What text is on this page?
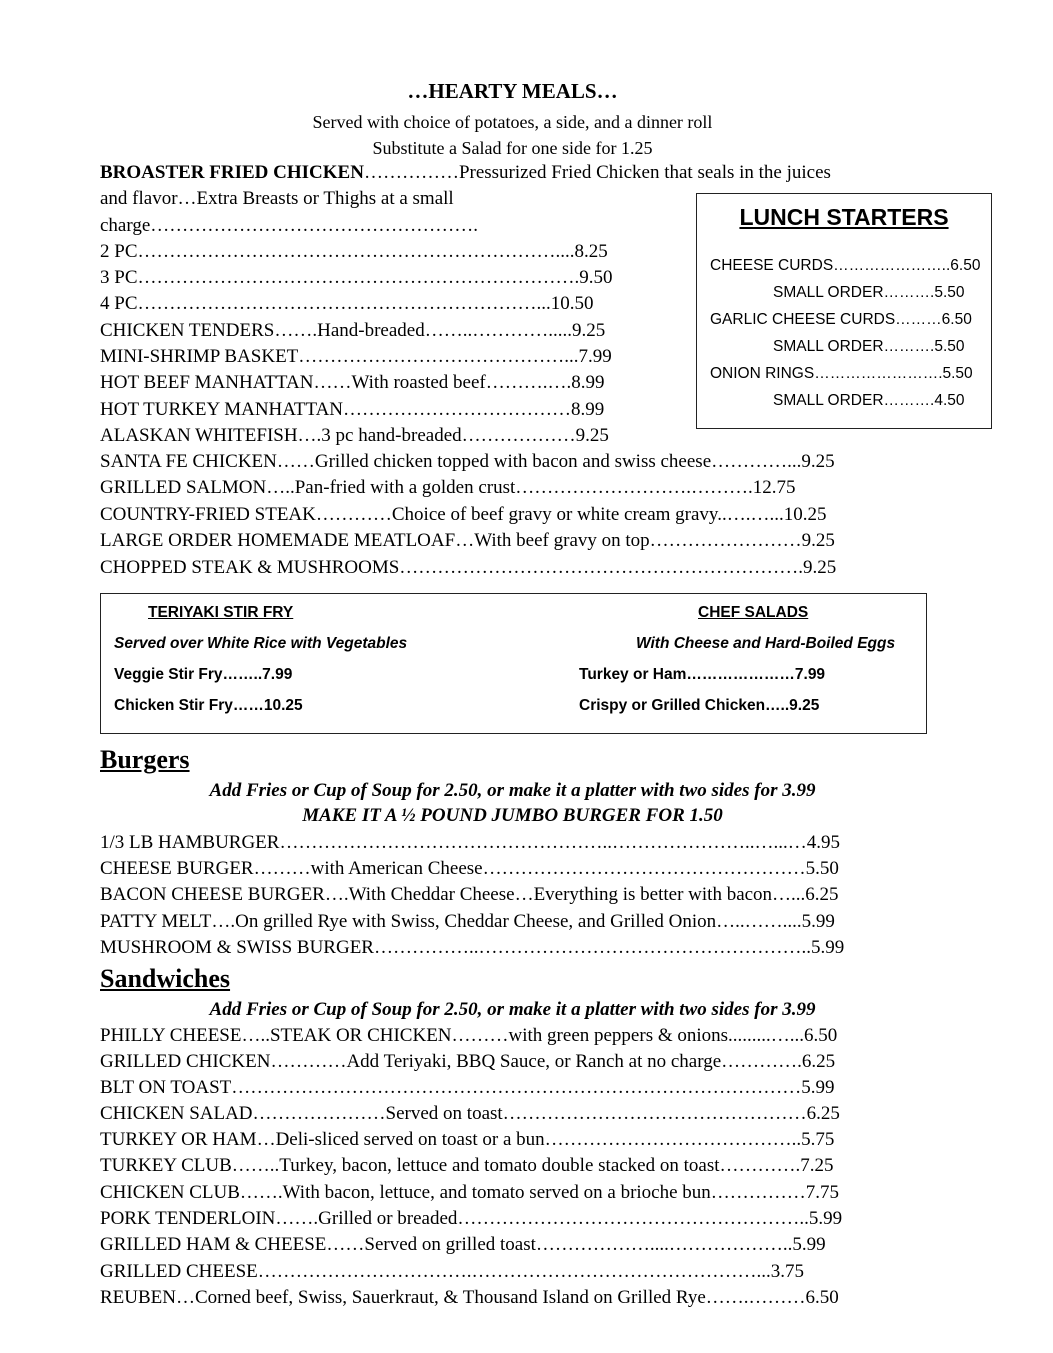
…HEARTY MEALS…
Served with choice of potatoes, a side, and a dinner roll
Substitute a Salad for one side for 1.25
BROASTER FRIED CHICKEN……………Pressurized Fried Chicken that seals in the juices
and flavor…Extra Breasts or Thighs at a small
charge…………………………………………….
2 PC…………………………………………………………....8.25
3 PC…………………………………………………………….9.50
4 PC………………………………………………………...10.50
CHICKEN TENDERS…….Hand-breaded……..………….....9.25
MINI-SHRIMP BASKET……………………………………...7.99
HOT BEEF MANHATTAN……With roasted beef……….….8.99
HOT TURKEY MANHATTAN………………………………8.99
ALASKAN WHITEFISH….3 pc hand-breaded………………9.25
SANTA FE CHICKEN……Grilled chicken topped with bacon and swiss cheese…………...9.25
GRILLED SALMON…..Pan-fried with a golden crust……………………….……….12.75
COUNTRY-FRIED STEAK…………Choice of beef gravy or white cream gravy..….…...10.25
LARGE ORDER HOMEMADE MEATLOAF…With beef gravy on top……………………9.25
CHOPPED STEAK & MUSHROOMS……………………………………………………….9.25
LUNCH STARTERS
CHEESE CURDS…………………..6.50
SMALL ORDER……….5.50
GARLIC CHEESE CURDS………6.50
SMALL ORDER……….5.50
ONION RINGS…………………….5.50
SMALL ORDER……….4.50
TERIYAKI STIR FRY
Served over White Rice with Vegetables
Veggie Stir Fry……..7.99
Chicken Stir Fry……10.25
CHEF SALADS
With Cheese and Hard-Boiled Eggs
Turkey or Ham…………………7.99
Crispy or Grilled Chicken…..9.25
Burgers
Add Fries or Cup of Soup for 2.50, or make it a platter with two sides for 3.99
MAKE IT A ½ POUND JUMBO BURGER FOR 1.50
1/3 LB HAMBURGER……………………………………………..…………………..…...…4.95
CHEESE BURGER………with American Cheese……………………………………………5.50
BACON CHEESE BURGER….With Cheddar Cheese…Everything is better with bacon…...6.25
PATTY MELT….On grilled Rye with Swiss, Cheddar Cheese, and Grilled Onion…..……....5.99
MUSHROOM & SWISS BURGER……………..……………………………………………..5.99
Sandwiches
Add Fries or Cup of Soup for 2.50, or make it a platter with two sides for 3.99
PHILLY CHEESE…..STEAK OR CHICKEN………with green peppers & onions.........…...6.50
GRILLED CHICKEN…………Add Teriyaki, BBQ Sauce, or Ranch at no charge………….6.25
BLT ON TOAST………………………………………………………………………………5.99
CHICKEN SALAD…………………Served on toast…………………………………………6.25
TURKEY OR HAM…Deli-sliced served on toast or a bun…………………………………..5.75
TURKEY CLUB……..Turkey, bacon, lettuce and tomato double stacked on toast………….7.25
CHICKEN CLUB…….With bacon, lettuce, and tomato served on a brioche bun……………7.75
PORK TENDERLOIN…….Grilled or breaded………………………………………………..5.99
GRILLED HAM & CHEESE……Served on grilled toast………………....………………..5.99
GRILLED CHEESE…………………………….………………………………………...3.75
REUBEN…Corned beef, Swiss, Sauerkraut, & Thousand Island on Grilled Rye…….………6.50
